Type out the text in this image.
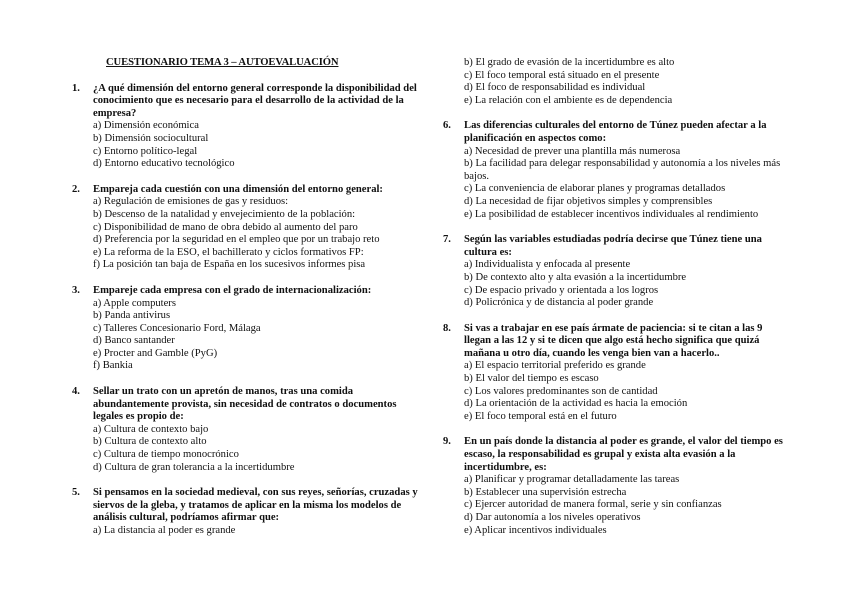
CUESTIONARIO TEMA 3 – AUTOEVALUACIÓN
1. ¿A qué dimensión del entorno general corresponde la disponibilidad del conocimiento que es necesario para el desarrollo de la actividad de la empresa?
a) Dimensión económica
b) Dimensión sociocultural
c) Entorno político-legal
d) Entorno educativo tecnológico
2. Empareja cada cuestión con una dimensión del entorno general:
a) Regulación de emisiones de gas y residuos:
b) Descenso de la natalidad y envejecimiento de la población:
c) Disponibilidad de mano de obra debido al aumento del paro
d) Preferencia por la seguridad en el empleo que por un trabajo reto
e) La reforma de la ESO, el bachillerato y ciclos formativos FP:
f) La posición tan baja de España en los sucesivos informes pisa
3. Empareje cada empresa con el grado de internacionalización:
a) Apple computers
b) Panda antivirus
c) Talleres Concesionario Ford, Málaga
d) Banco santander
e) Procter and Gamble (PyG)
f) Bankia
4. Sellar un trato con un apretón de manos, tras una comida abundantemente provista, sin necesidad de contratos o documentos legales es propio de:
a) Cultura de contexto bajo
b) Cultura de contexto alto
c) Cultura de tiempo monocrónico
d) Cultura de gran tolerancia a la incertidumbre
5. Si pensamos en la sociedad medieval, con sus reyes, señorías, cruzadas y siervos de la gleba, y tratamos de aplicar en la misma los modelos de análisis cultural, podríamos afirmar que:
a) La distancia al poder es grande
b) El grado de evasión de la incertidumbre es alto
c) El foco temporal está situado en el presente
d) El foco de responsabilidad es individual
e) La relación con el ambiente es de dependencia
6. Las diferencias culturales del entorno de Túnez pueden afectar a la planificación en aspectos como:
a) Necesidad de prever una plantilla más numerosa
b) La facilidad para delegar responsabilidad y autonomía a los niveles más bajos.
c) La conveniencia de elaborar planes y programas detallados
d) La necesidad de fijar objetivos simples y comprensibles
e) La posibilidad de establecer incentivos individuales al rendimiento
7. Según las variables estudiadas podría decirse que Túnez tiene una cultura es:
a) Individualista y enfocada al presente
b) De contexto alto y alta evasión a la incertidumbre
c) De espacio privado y orientada a los logros
d) Policrónica y de distancia al poder grande
8. Si vas a trabajar en ese país ármate de paciencia: si te citan a las 9 llegan a las 12 y si te dicen que algo está hecho significa que quizá mañana u otro día, cuando les venga bien van a hacerlo..
a) El espacio territorial preferido es grande
b) El valor del tiempo es escaso
c) Los valores predominantes son de cantidad
d) La orientación de la actividad es hacia la emoción
e) El foco temporal está en el futuro
9. En un país donde la distancia al poder es grande, el valor del tiempo es escaso, la responsabilidad es grupal y exista alta evasión a la incertidumbre, es:
a) Planificar y programar detalladamente las tareas
b) Establecer una supervisión estrecha
c) Ejercer autoridad de manera formal, serie y sin confianzas
d) Dar autonomía a los niveles operativos
e) Aplicar incentivos individuales
